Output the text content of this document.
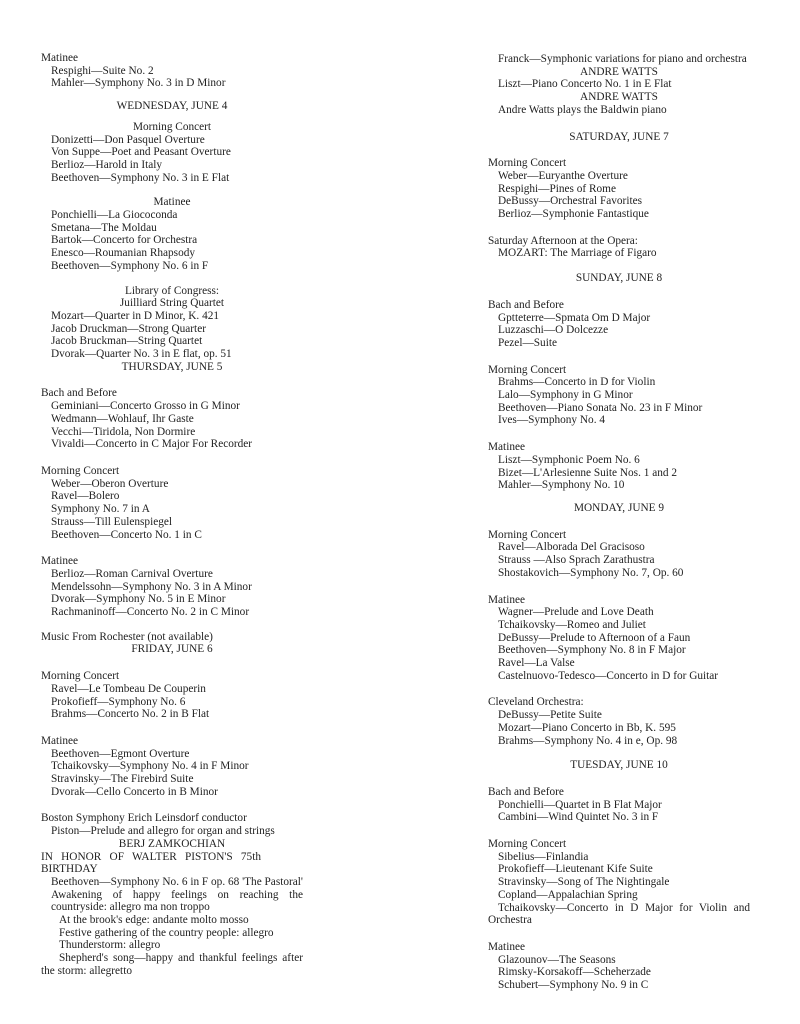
Matinee
Respighi—Suite No. 2
Mahler—Symphony No. 3 in D Minor
WEDNESDAY, JUNE 4
Morning Concert
Donizetti—Don Pasquel Overture
Von Suppe—Poet and Peasant Overture
Berlioz—Harold in Italy
Beethoven—Symphony No. 3 in E Flat
Matinee
Ponchielli—La Giococonda
Smetana—The Moldau
Bartok—Concerto for Orchestra
Enesco—Roumanian Rhapsody
Beethoven—Symphony No. 6 in F
Library of Congress:
Juilliard String Quartet
Mozart—Quarter in D Minor, K. 421
Jacob Druckman—Strong Quarter
Jacob Bruckman—String Quartet
Dvorak—Quarter No. 3 in E flat, op. 51
THURSDAY, JUNE 5
Bach and Before
Geminiani—Concerto Grosso in G Minor
Wedmann—Wohlauf, Ihr Gaste
Vecchi—Tiridola, Non Dormire
Vivaldi—Concerto in C Major For Recorder
Morning Concert
Weber—Oberon Overture
Ravel—Bolero
Symphony No. 7 in A
Strauss—Till Eulenspiegel
Beethoven—Concerto No. 1 in C
Matinee
Berlioz—Roman Carnival Overture
Mendelssohn—Symphony No. 3 in A Minor
Dvorak—Symphony No. 5 in E Minor
Rachmaninoff—Concerto No. 2 in C Minor
Music From Rochester (not available)
FRIDAY, JUNE 6
Morning Concert
Ravel—Le Tombeau De Couperin
Prokofieff—Symphony No. 6
Brahms—Concerto No. 2 in B Flat
Matinee
Beethoven—Egmont Overture
Tchaikovsky—Symphony No. 4 in F Minor
Stravinsky—The Firebird Suite
Dvorak—Cello Concerto in B Minor
Boston Symphony Erich Leinsdorf conductor
Piston—Prelude and allegro for organ and strings
BERJ ZAMKOCHIAN
IN HONOR OF WALTER PISTON'S 75th BIRTHDAY
Beethoven—Symphony No. 6 in F op. 68 'The Pastoral'
Awakening of happy feelings on reaching the countryside: allegro ma non troppo
At the brook's edge: andante molto mosso
Festive gathering of the country people: allegro
Thunderstorm: allegro
Shepherd's song—happy and thankful feelings after the storm: allegretto
Franck—Symphonic variations for piano and orchestra
ANDRE WATTS
Liszt—Piano Concerto No. 1 in E Flat
ANDRE WATTS
Andre Watts plays the Baldwin piano
SATURDAY, JUNE 7
Morning Concert
Weber—Euryanthe Overture
Respighi—Pines of Rome
DeBussy—Orchestral Favorites
Berlioz—Symphonie Fantastique
Saturday Afternoon at the Opera:
MOZART: The Marriage of Figaro
SUNDAY, JUNE 8
Bach and Before
Gptteterre—Spmata Om D Major
Luzzaschi—O Dolcezze
Pezel—Suite
Morning Concert
Brahms—Concerto in D for Violin
Lalo—Symphony in G Minor
Beethoven—Piano Sonata No. 23 in F Minor
Ives—Symphony No. 4
Matinee
Liszt—Symphonic Poem No. 6
Bizet—L'Arlesienne Suite Nos. 1 and 2
Mahler—Symphony No. 10
MONDAY, JUNE 9
Morning Concert
Ravel—Alborada Del Gracisoso
Strauss —Also Sprach Zarathustra
Shostakovich—Symphony No. 7, Op. 60
Matinee
Wagner—Prelude and Love Death
Tchaikovsky—Romeo and Juliet
DeBussy—Prelude to Afternoon of a Faun
Beethoven—Symphony No. 8 in F Major
Ravel—La Valse
Castelnuovo-Tedesco—Concerto in D for Guitar
Cleveland Orchestra:
DeBussy—Petite Suite
Mozart—Piano Concerto in Bb, K. 595
Brahms—Symphony No. 4 in e, Op. 98
TUESDAY, JUNE 10
Bach and Before
Ponchielli—Quartet in B Flat Major
Cambini—Wind Quintet No. 3 in F
Morning Concert
Sibelius—Finlandia
Prokofieff—Lieutenant Kife Suite
Stravinsky—Song of The Nightingale
Copland—Appalachian Spring
Tchaikovsky—Concerto in D Major for Violin and Orchestra
Matinee
Glazounov—The Seasons
Rimsky-Korsakoff—Scheherzade
Schubert—Symphony No. 9 in C
